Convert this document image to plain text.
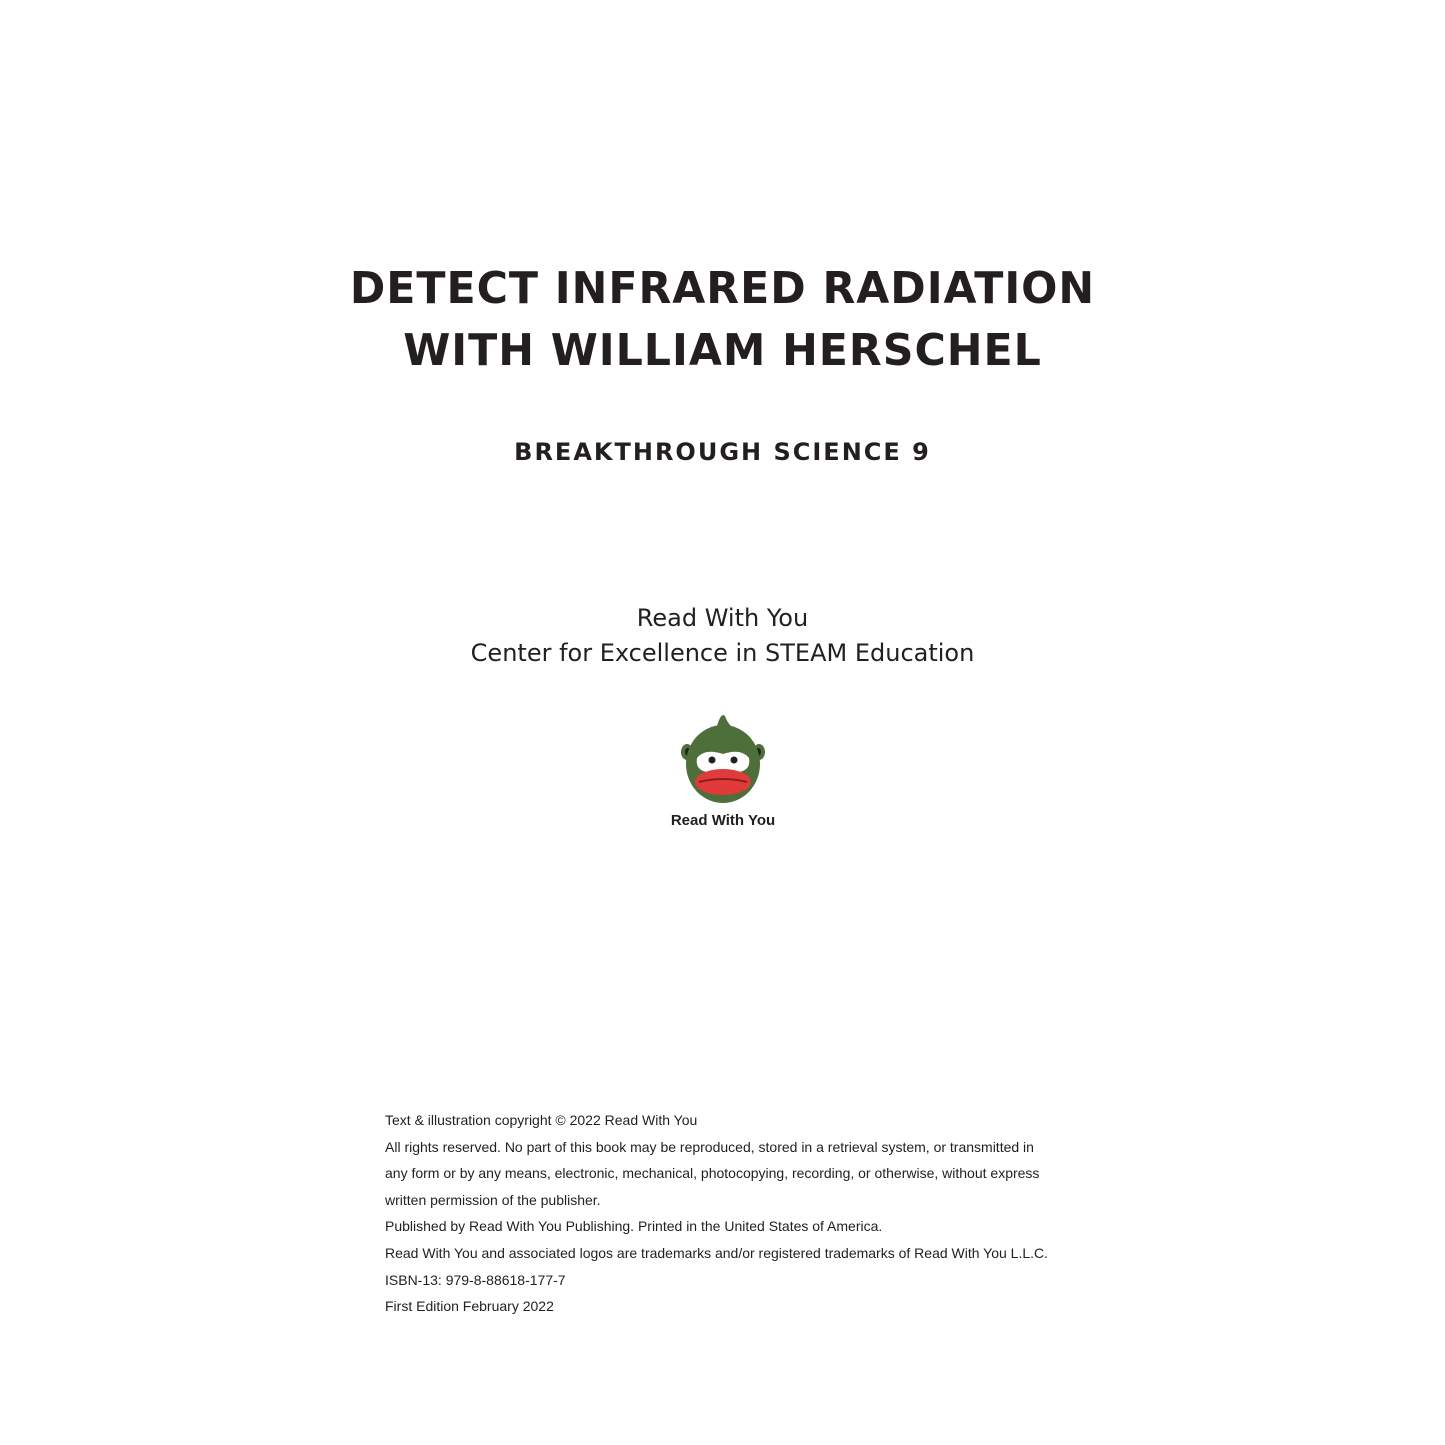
DETECT INFRARED RADIATION
WITH WILLIAM HERSCHEL
BREAKTHROUGH SCIENCE 9
Read With You
Center for Excellence in STEAM Education
Read With You
Text & illustration copyright © 2022 Read With You
All rights reserved. No part of this book may be reproduced, stored in a retrieval system, or transmitted in
any form or by any means, electronic, mechanical, photocopying, recording, or otherwise, without express
written permission of the publisher.
Published by Read With You Publishing. Printed in the United States of America.
Read With You and associated logos are trademarks and/or registered trademarks of Read With You L.L.C.
ISBN-13: 979-8-88618-177-7
First Edition February 2022
